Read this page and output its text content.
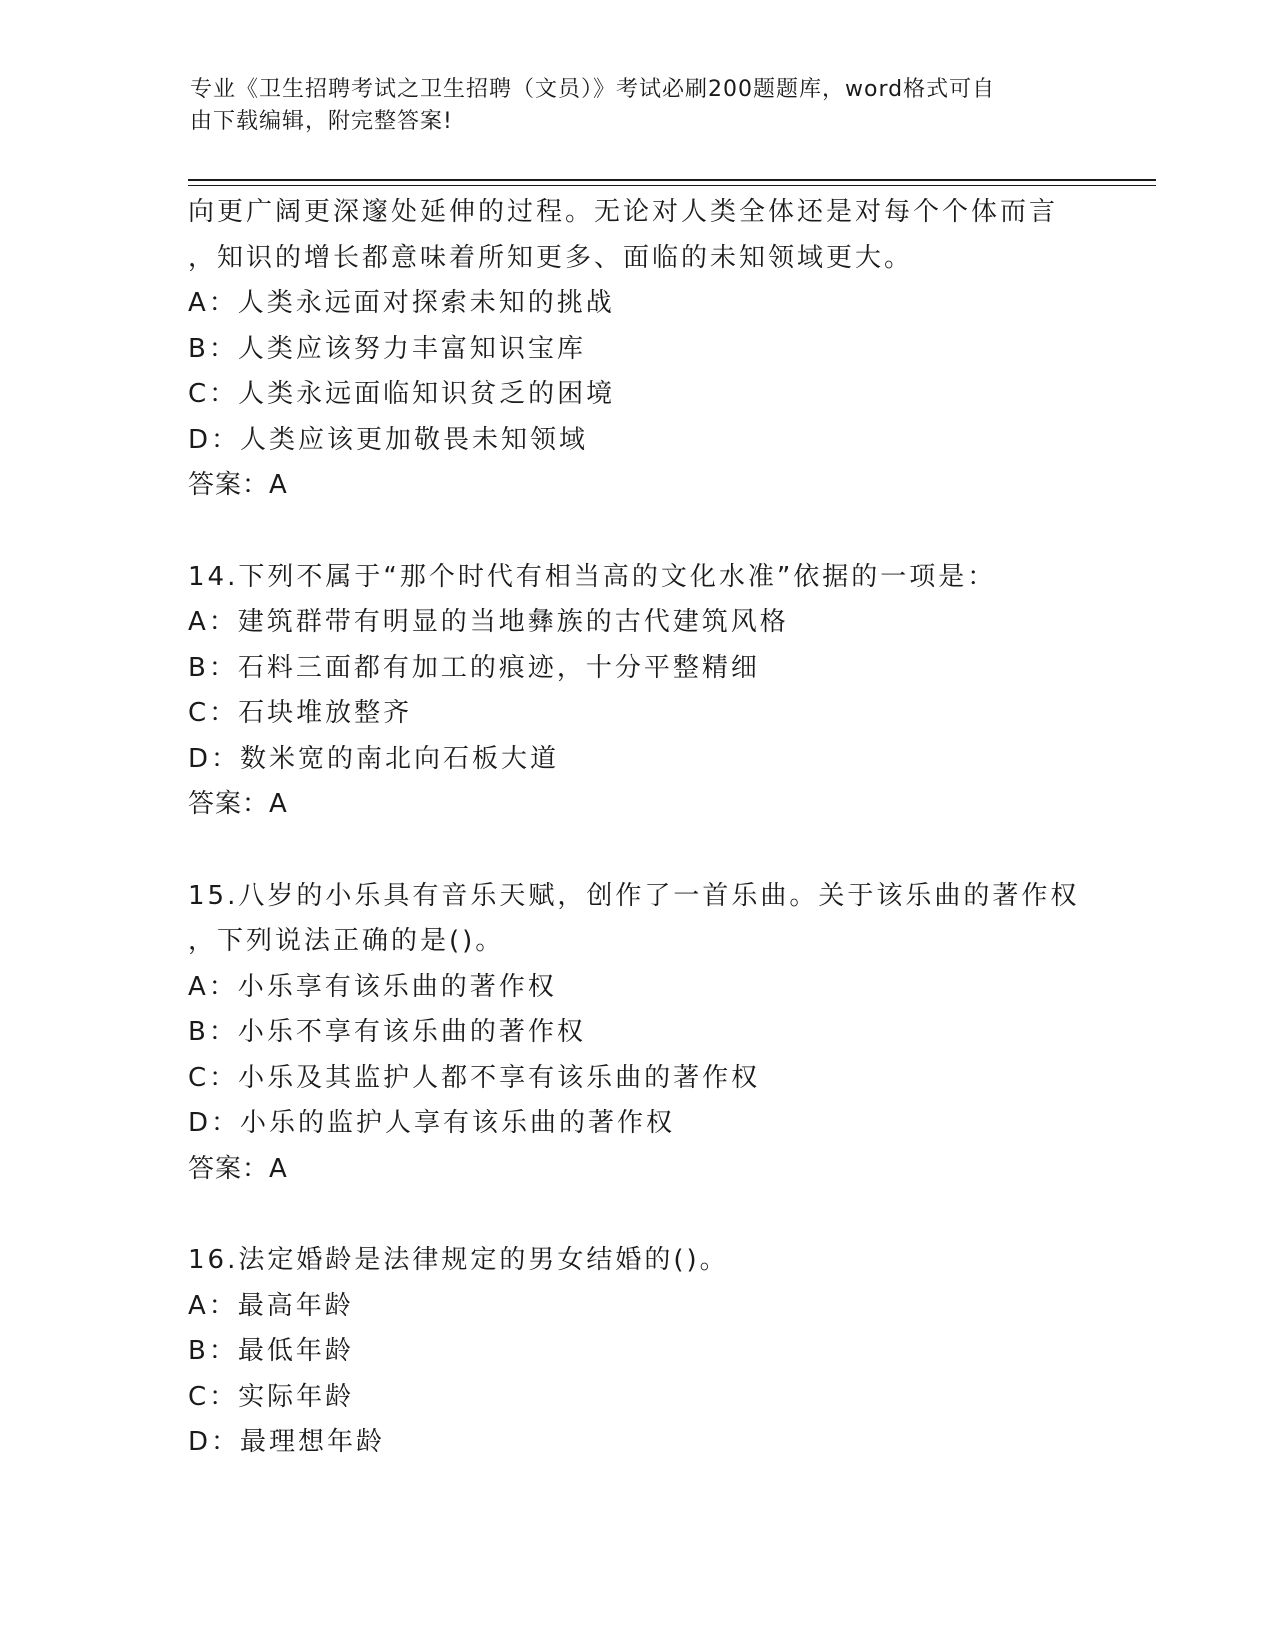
专业《卫生招聘考试之卫生招聘（文员）》考试必刷200题题库，word格式可自
由下载编辑，附完整答案!
向更广阔更深邃处延伸的过程。无论对人类全体还是对每个个体而言
，知识的增长都意味着所知更多、面临的未知领域更大。
A：人类永远面对探索未知的挑战
B：人类应该努力丰富知识宝库
C：人类永远面临知识贫乏的困境
D：人类应该更加敬畏未知领域
答案：A
14.下列不属于“那个时代有相当高的文化水准”依据的一项是：
A：建筑群带有明显的当地彝族的古代建筑风格
B：石料三面都有加工的痕迹，十分平整精细
C：石块堆放整齐
D：数米宽的南北向石板大道
答案：A
15.八岁的小乐具有音乐天赋，创作了一首乐曲。关于该乐曲的著作权
，下列说法正确的是()。
A：小乐享有该乐曲的著作权
B：小乐不享有该乐曲的著作权
C：小乐及其监护人都不享有该乐曲的著作权
D：小乐的监护人享有该乐曲的著作权
答案：A
16.法定婚龄是法律规定的男女结婚的()。
A：最高年龄
B：最低年龄
C：实际年龄
D：最理想年龄
